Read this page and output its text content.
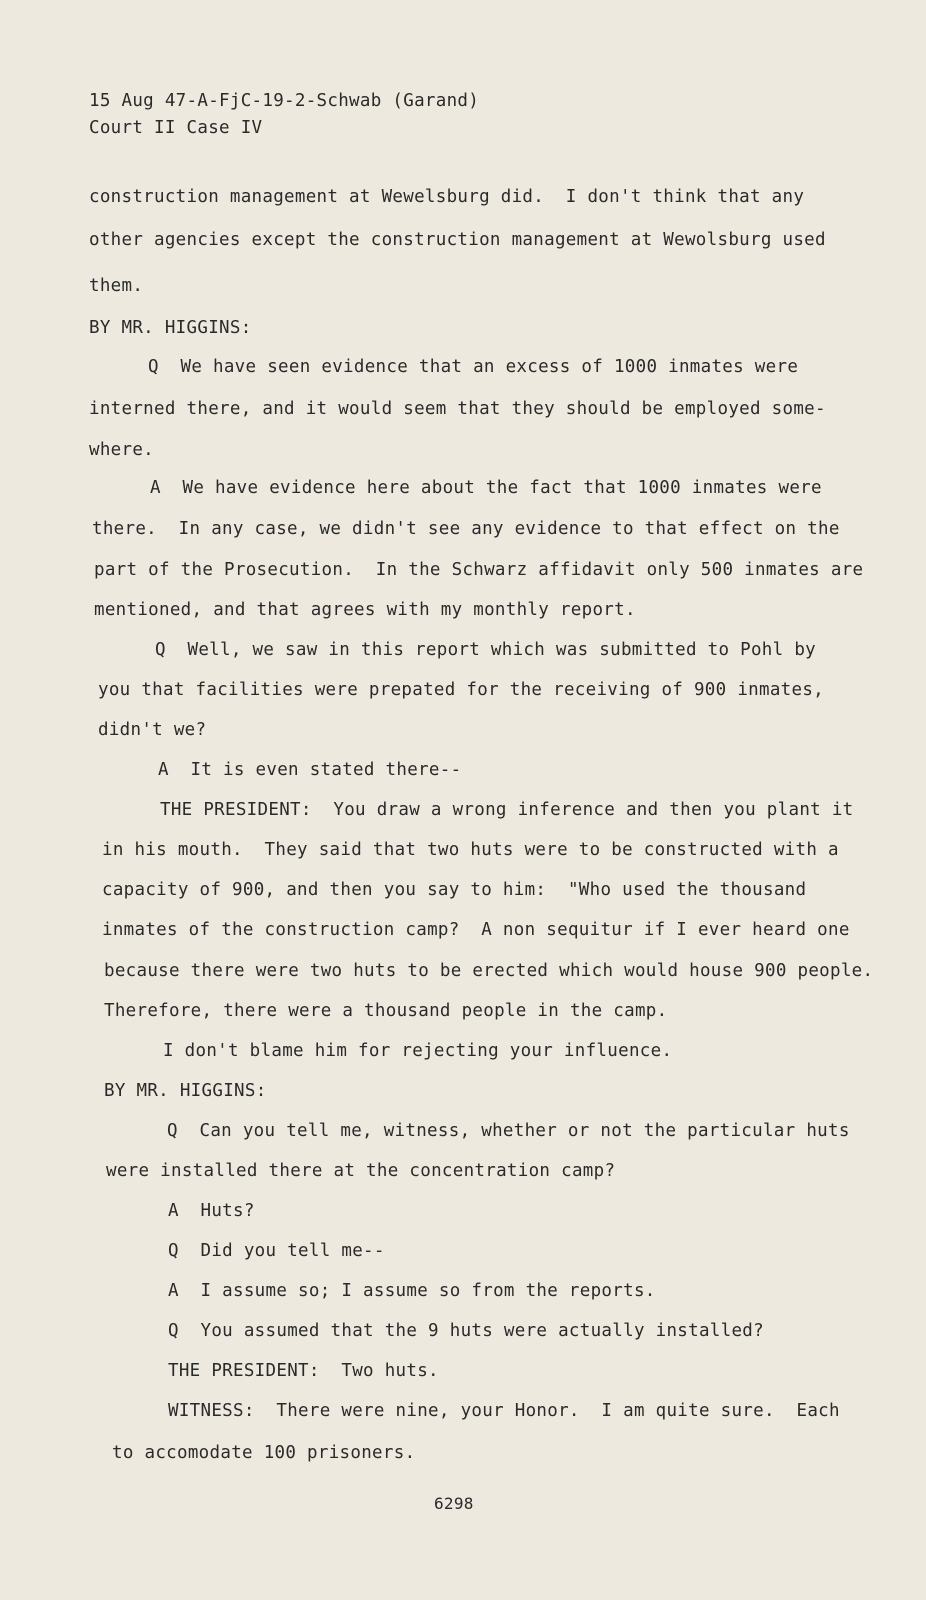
15 Aug 47-A-FjC-19-2-Schwab (Garand)
Court II Case IV
construction management at Wewelsburg did.  I don't think that any
other agencies except the construction management at Wewolsburg used
them.
BY MR. HIGGINS:
Q  We have seen evidence that an excess of 1000 inmates were
interned there, and it would seem that they should be employed some-
where.
A  We have evidence here about the fact that 1000 inmates were
there.  In any case, we didn't see any evidence to that effect on the
part of the Prosecution.  In the Schwarz affidavit only 500 inmates are
mentioned, and that agrees with my monthly report.
Q  Well, we saw in this report which was submitted to Pohl by
you that facilities were prepated for the receiving of 900 inmates,
didn't we?
A  It is even stated there--
THE PRESIDENT:  You draw a wrong inference and then you plant it
in his mouth.  They said that two huts were to be constructed with a
capacity of 900, and then you say to him:  "Who used the thousand
inmates of the construction camp?  A non sequitur if I ever heard one
because there were two huts to be erected which would house 900 people.
Therefore, there were a thousand people in the camp.
I don't blame him for rejecting your influence.
BY MR. HIGGINS:
Q  Can you tell me, witness, whether or not the particular huts
were installed there at the concentration camp?
A  Huts?
Q  Did you tell me--
A  I assume so; I assume so from the reports.
Q  You assumed that the 9 huts were actually installed?
THE PRESIDENT:  Two huts.
WITNESS:  There were nine, your Honor.  I am quite sure.  Each
to accomodate 100 prisoners.
6298
